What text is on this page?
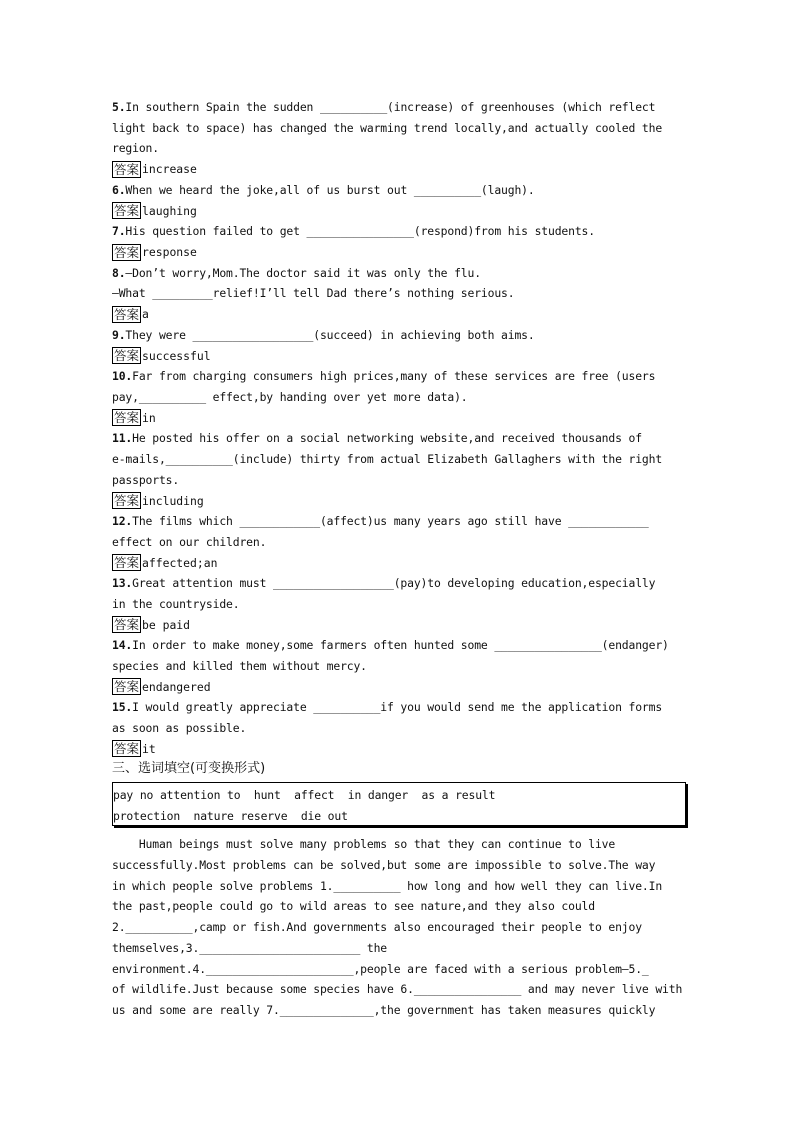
5.In southern Spain the sudden __________(increase) of greenhouses (which reflect
light back to space) has changed the warming trend locally,and actually cooled the
region.
答案 increase
6.When we heard the joke,all of us burst out __________(laugh).
答案 laughing
7.His question failed to get ________________(respond)from his students.
答案 response
8.—Don’t worry,Mom.The doctor said it was only the flu.
—What _________relief!I’ll tell Dad there’s nothing serious.
答案 a
9.They were __________________(succeed) in achieving both aims.
答案 successful
10.Far from charging consumers high prices,many of these services are free (users
pay,__________ effect,by handing over yet more data).
答案 in
11.He posted his offer on a social networking website,and received thousands of
e-mails,__________(include) thirty from actual Elizabeth Gallaghers with the right
passports.
答案 including
12.The films which ____________(affect)us many years ago still have ____________
effect on our children.
答案 affected;an
13.Great attention must __________________(pay)to developing education,especially
in the countryside.
答案 be paid
14.In order to make money,some farmers often hunted some ________________(endanger)
species and killed them without mercy.
答案 endangered
15.I would greatly appreciate __________if you would send me the application forms
as soon as possible.
答案 it
三、选词填空(可变换形式)
pay no attention to  hunt  affect  in danger  as a result
protection  nature reserve  die out
Human beings must solve many problems so that they can continue to live
successfully.Most problems can be solved,but some are impossible to solve.The way
in which people solve problems 1.__________ how long and how well they can live.In
the past,people could go to wild areas to see nature,and they also could
2.__________,camp or fish.And governments also encouraged their people to enjoy
themselves,3.________________________ the
environment.4.______________________,people are faced with a serious problem—5._
of wildlife.Just because some species have 6.________________ and may never live with
us and some are really 7.______________,the government has taken measures quickly
